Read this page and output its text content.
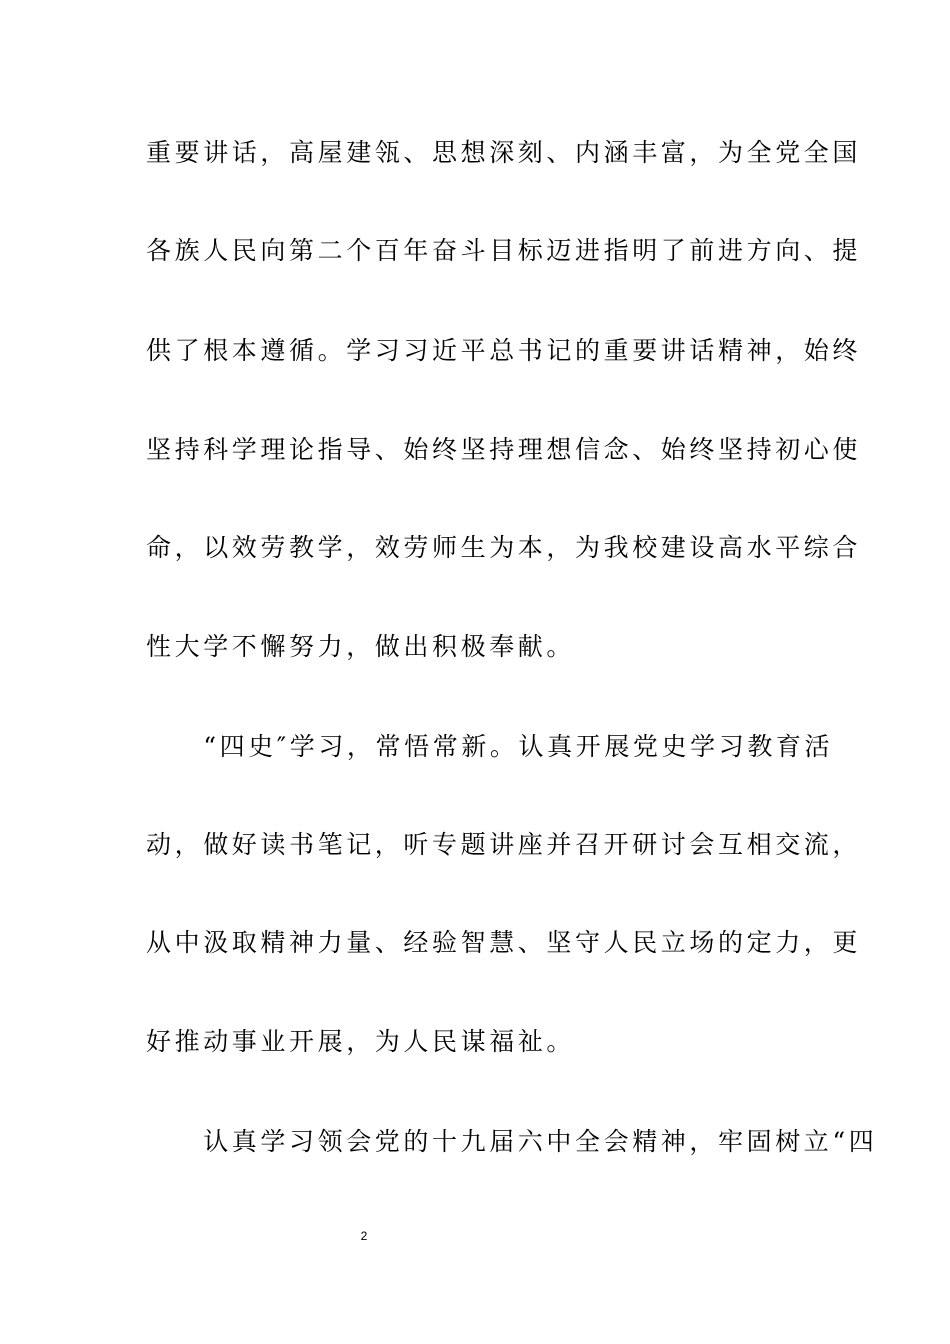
重要讲话，高屋建瓴、思想深刻、内涵丰富，为全党全国
各族人民向第二个百年奋斗目标迈进指明了前进方向、提
供了根本遵循。学习习近平总书记的重要讲话精神，始终
坚持科学理论指导、始终坚持理想信念、始终坚持初心使
命，以效劳教学，效劳师生为本，为我校建设高水平综合
性大学不懈努力，做出积极奉献。
　　“四史″学习，常悟常新。认真开展党史学习教育活
动，做好读书笔记，听专题讲座并召开研讨会互相交流，
从中汲取精神力量、经验智慧、坚守人民立场的定力，更
好推动事业开展，为人民谋福祉。
　　认真学习领会党的十九届六中全会精神，牢固树立“四
2
